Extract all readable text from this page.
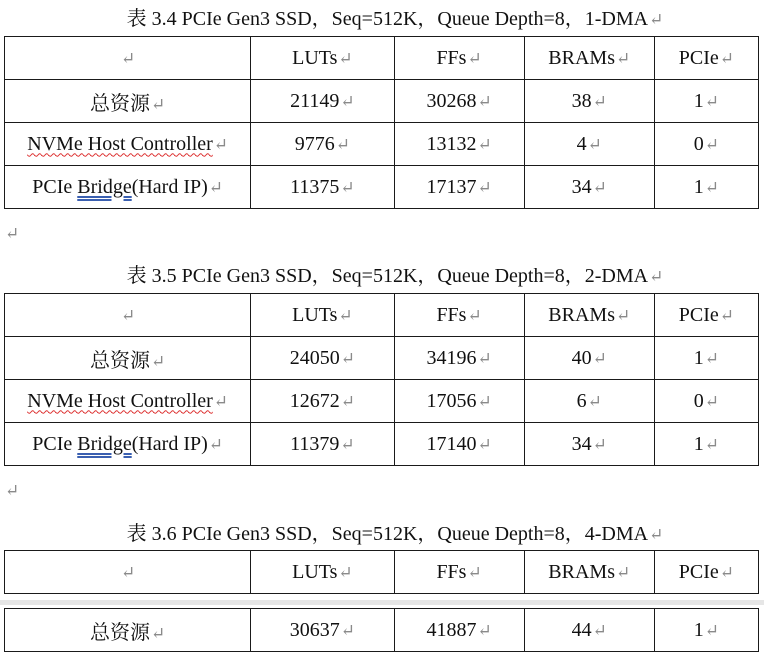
表 3.4 PCIe Gen3 SSD，Seq=512K，Queue Depth=8，1-DMA↵
↵	LUTs↵	FFs↵	BRAMs↵	PCIe↵
总资源↵	21149↵	30268↵	38↵	1↵
NVMe Host Controller↵	9776↵	13132↵	4↵	0↵
PCIe Bridge(Hard IP)↵	11375↵	17137↵	34↵	1↵
↵
表 3.5 PCIe Gen3 SSD，Seq=512K，Queue Depth=8，2-DMA↵
↵	LUTs↵	FFs↵	BRAMs↵	PCIe↵
总资源↵	24050↵	34196↵	40↵	1↵
NVMe Host Controller↵	12672↵	17056↵	6↵	0↵
PCIe Bridge(Hard IP)↵	11379↵	17140↵	34↵	1↵
↵
表 3.6 PCIe Gen3 SSD，Seq=512K，Queue Depth=8，4-DMA↵
↵	LUTs↵	FFs↵	BRAMs↵	PCIe↵
总资源↵	30637↵	41887↵	44↵	1↵
